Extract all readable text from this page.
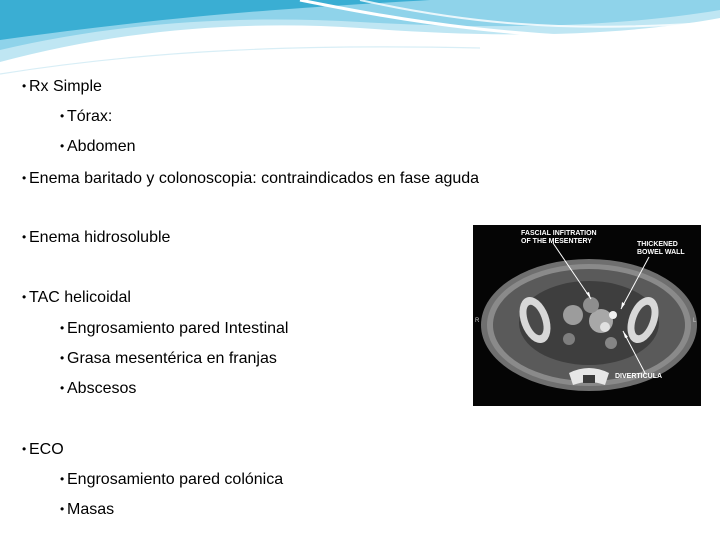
• Rx Simple
• Tórax:
• Abdomen
• Enema baritado y colonoscopia: contraindicados en fase aguda
• Enema hidrosoluble
• TAC helicoidal
• Engrosamiento pared Intestinal
• Grasa mesentérica en franjas
• Abscesos
• ECO
• Engrosamiento pared colónica
• Masas
FASCIAL INFITRATION
OF THE MESENTERY	THICKENED
BOWEL WALL
DIVERTICULA
R	L
